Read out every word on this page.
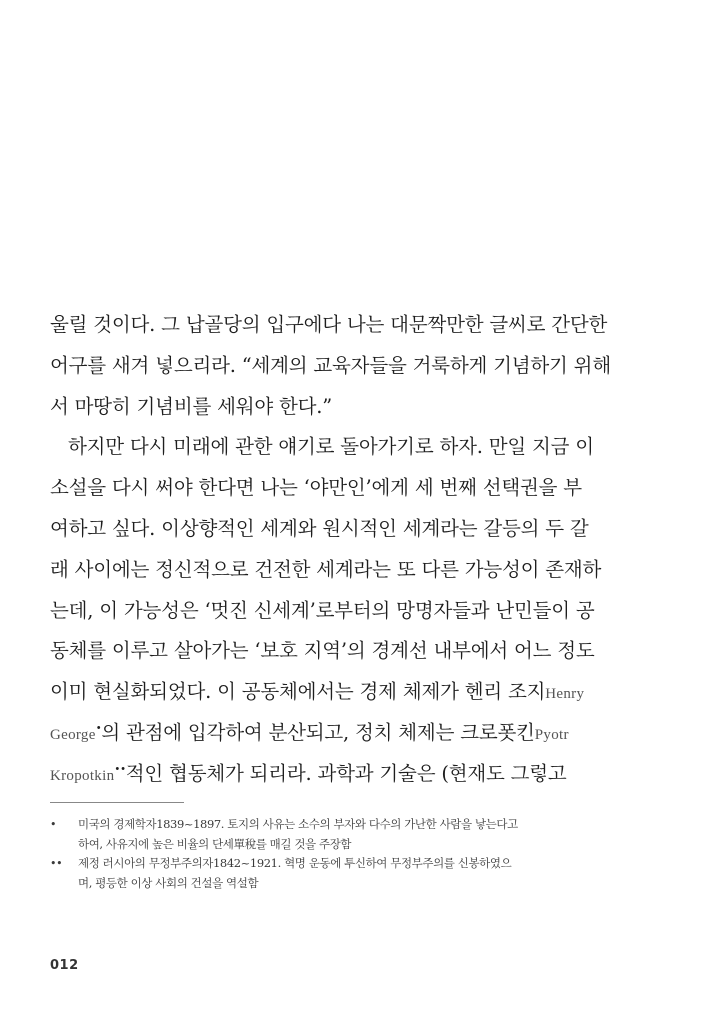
울릴 것이다. 그 납골당의 입구에다 나는 대문짝만한 글씨로 간단한
어구를 새겨 넣으리라. “세계의 교육자들을 거룩하게 기념하기 위해
서 마땅히 기념비를 세워야 한다.”
하지만 다시 미래에 관한 얘기로 돌아가기로 하자. 만일 지금 이
소설을 다시 써야 한다면 나는 ‘야만인’에게 세 번째 선택권을 부
여하고 싶다. 이상향적인 세계와 원시적인 세계라는 갈등의 두 갈
래 사이에는 정신적으로 건전한 세계라는 또 다른 가능성이 존재하
는데, 이 가능성은 ‘멋진 신세계’로부터의 망명자들과 난민들이 공
동체를 이루고 살아가는 ‘보호 지역’의 경계선 내부에서 어느 정도
이미 현실화되었다. 이 공동체에서는 경제 체제가 헨리 조지Henry
George•의 관점에 입각하여 분산되고, 정치 체제는 크로폿킨Pyotr
Kropotkin••적인 협동체가 되리라. 과학과 기술은 (현재도 그렇고
•	미국의 경제학자1839~1897. 토지의 사유는 소수의 부자와 다수의 가난한 사람을 낳는다고
하여, 사유지에 높은 비율의 단세單稅를 매길 것을 주장함
••	제정 러시아의 무정부주의자1842~1921. 혁명 운동에 투신하여 무정부주의를 신봉하였으
며, 평등한 이상 사회의 건설을 역설함
012
